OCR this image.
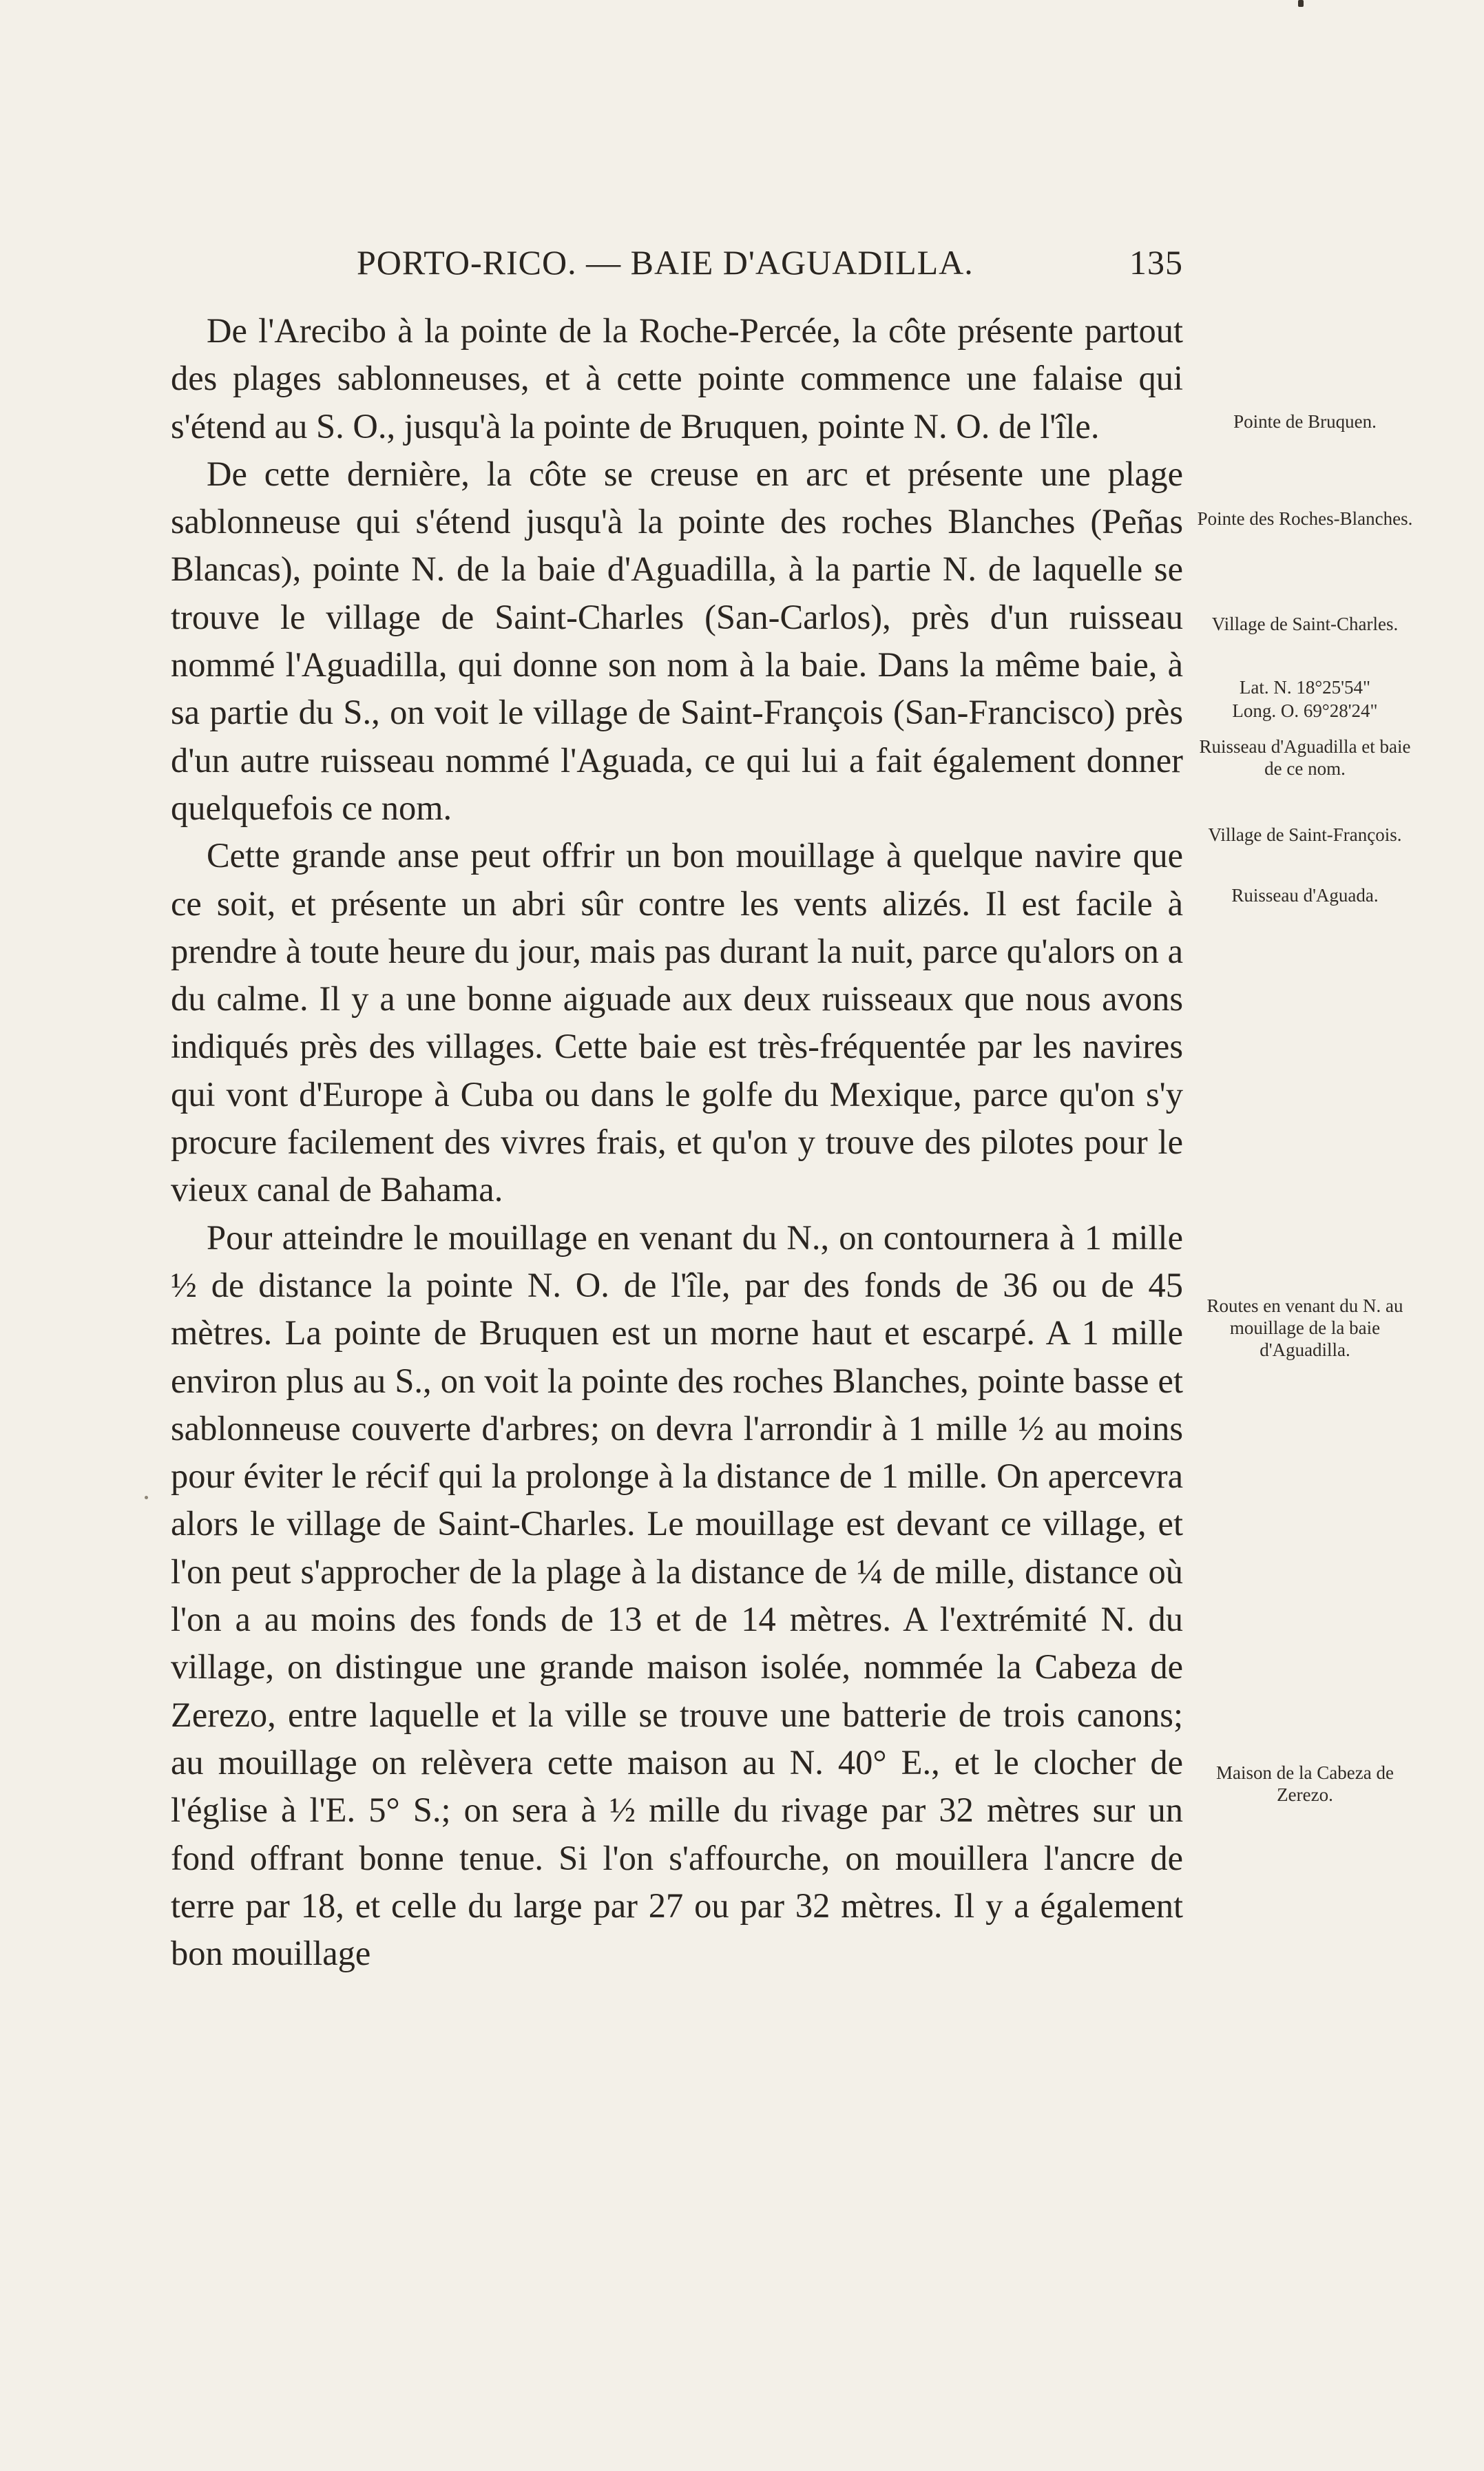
PORTO-RICO. — BAIE D'AGUADILLA.	135

De l'Arecibo à la pointe de la Roche-Percée, la côte présente partout des plages sablonneuses, et à cette pointe commence une falaise qui s'étend au S. O., jusqu'à la pointe de Bruquen, pointe N. O. de l'île.

De cette dernière, la côte se creuse en arc et présente une plage sablonneuse qui s'étend jusqu'à la pointe des roches Blanches (Peñas Blancas), pointe N. de la baie d'Aguadilla, à la partie N. de laquelle se trouve le village de Saint-Charles (San-Carlos), près d'un ruisseau nommé l'Aguadilla, qui donne son nom à la baie. Dans la même baie, à sa partie du S., on voit le village de Saint-François (San-Francisco) près d'un autre ruisseau nommé l'Aguada, ce qui lui a fait également donner quelquefois ce nom.

Cette grande anse peut offrir un bon mouillage à quelque navire que ce soit, et présente un abri sûr contre les vents alizés. Il est facile à prendre à toute heure du jour, mais pas durant la nuit, parce qu'alors on a du calme. Il y a une bonne aiguade aux deux ruisseaux que nous avons indiqués près des villages. Cette baie est très-fréquentée par les navires qui vont d'Europe à Cuba ou dans le golfe du Mexique, parce qu'on s'y procure facilement des vivres frais, et qu'on y trouve des pilotes pour le vieux canal de Bahama.

Pour atteindre le mouillage en venant du N., on contournera à 1 mille ½ de distance la pointe N. O. de l'île, par des fonds de 36 ou de 45 mètres. La pointe de Bruquen est un morne haut et escarpé. A 1 mille environ plus au S., on voit la pointe des roches Blanches, pointe basse et sablonneuse couverte d'arbres; on devra l'arrondir à 1 mille ½ au moins pour éviter le récif qui la prolonge à la distance de 1 mille. On apercevra alors le village de Saint-Charles. Le mouillage est devant ce village, et l'on peut s'approcher de la plage à la distance de ¼ de mille, distance où l'on a au moins des fonds de 13 et de 14 mètres. A l'extrémité N. du village, on distingue une grande maison isolée, nommée la Cabeza de Zerezo, entre laquelle et la ville se trouve une batterie de trois canons; au mouillage on relèvera cette maison au N. 40° E., et le clocher de l'église à l'E. 5° S.; on sera à ½ mille du rivage par 32 mètres sur un fond offrant bonne tenue. Si l'on s'affourche, on mouillera l'ancre de terre par 18, et celle du large par 27 ou par 32 mètres. Il y a également bon mouillage

Pointe de Bruquen.
Pointe des Roches-Blanches.
Village de Saint-Charles.
Lat. N. 18°25'54"
Long. O. 69°28'24"
Ruisseau d'Aguadilla et baie de ce nom.
Village de Saint-François.
Ruisseau d'Aguada.
Routes en venant du N. au mouillage de la baie d'Aguadilla.
Maison de la Cabeza de Zerezo.
